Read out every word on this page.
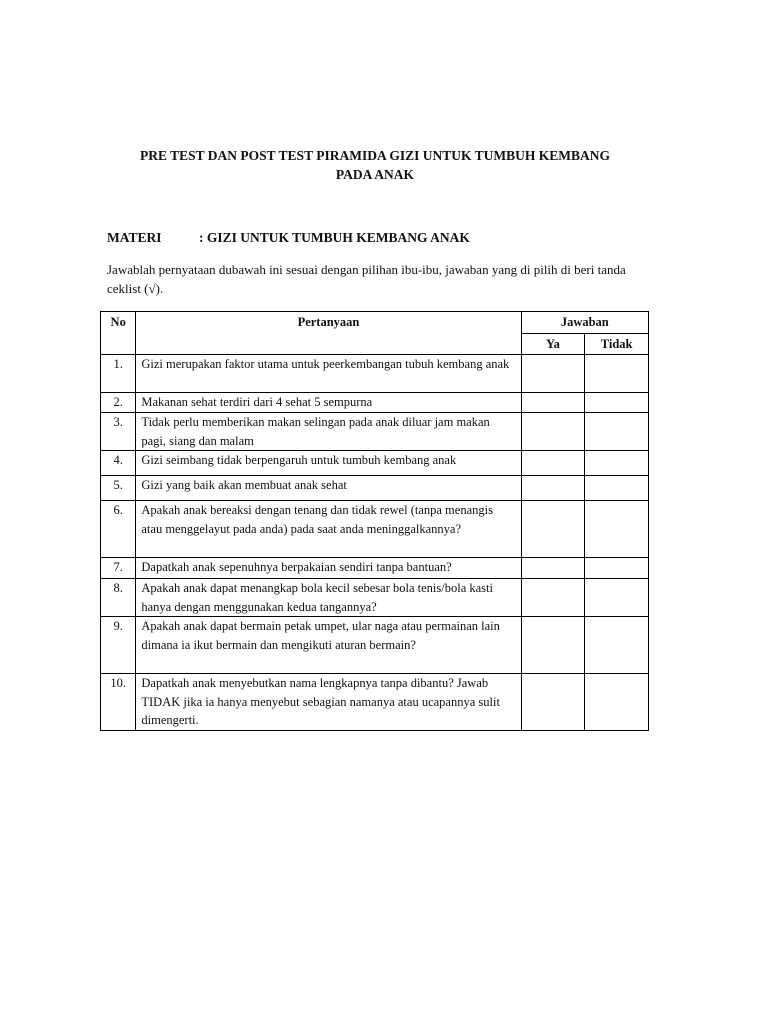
PRE TEST DAN POST TEST PIRAMIDA GIZI UNTUK TUMBUH KEMBANG
PADA ANAK
MATERI	: GIZI UNTUK TUMBUH KEMBANG ANAK
Jawablah pernyataan dubawah ini sesuai dengan pilihan ibu-ibu, jawaban yang di pilih di beri tanda ceklist (√).
No	Pertanyaan	Jawaban	
		Ya	Tidak
1.	Gizi merupakan faktor utama untuk peerkembangan tubuh kembang anak		
2.	Makanan sehat terdiri dari 4 sehat 5 sempurna		
3.	Tidak perlu memberikan makan selingan pada anak diluar jam makan pagi, siang dan malam		
4.	Gizi seimbang tidak berpengaruh untuk tumbuh kembang anak		
5.	Gizi yang baik akan membuat anak sehat		
6.	Apakah anak bereaksi dengan tenang dan tidak rewel (tanpa menangis atau menggelayut pada anda) pada saat anda meninggalkannya?		
7.	Dapatkah anak sepenuhnya berpakaian sendiri tanpa bantuan?		
8.	Apakah anak dapat menangkap bola kecil sebesar bola tenis/bola kasti hanya dengan menggunakan kedua tangannya?		
9.	Apakah anak dapat bermain petak umpet, ular naga atau permainan lain dimana ia ikut bermain dan mengikuti aturan bermain?		
10.	Dapatkah anak menyebutkan nama lengkapnya tanpa dibantu? Jawab TIDAK jika ia hanya menyebut sebagian namanya atau ucapannya sulit dimengerti.		
